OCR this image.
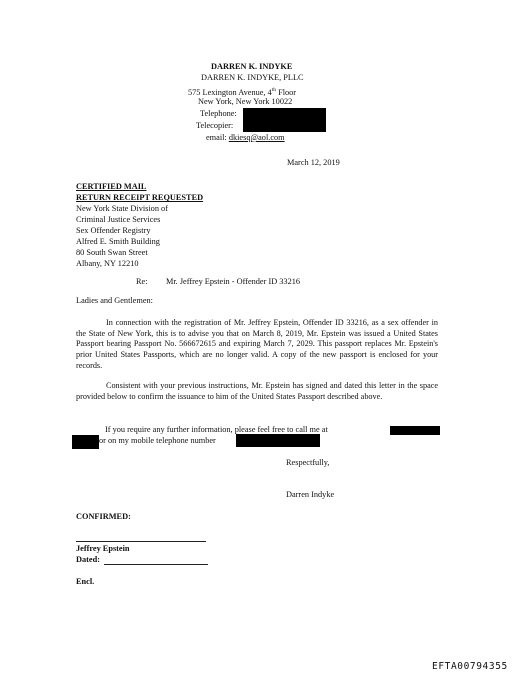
DARREN K. INDYKE
DARREN K. INDYKE, PLLC
575 Lexington Avenue, 4th Floor
New York, New York 10022
Telephone:
Telecopier:
email: dkiesq@aol.com
March 12, 2019
CERTIFIED MAIL
RETURN RECEIPT REQUESTED
New York State Division of
Criminal Justice Services
Sex Offender Registry
Alfred E. Smith Building
80 South Swan Street
Albany, NY 12210
Re: Mr. Jeffrey Epstein - Offender ID 33216
Ladies and Gentlemen:
In connection with the registration of Mr. Jeffrey Epstein, Offender ID 33216, as a sex offender in the State of New York, this is to advise you that on March 8, 2019, Mr. Epstein was issued a United States Passport bearing Passport No. 566672615 and expiring March 7, 2029. This passport replaces Mr. Epstein's prior United States Passports, which are no longer valid. A copy of the new passport is enclosed for your records.
Consistent with your previous instructions, Mr. Epstein has signed and dated this letter in the space provided below to confirm the issuance to him of the United States Passport described above.
If you require any further information, please feel free to call me at
or on my mobile telephone number
Respectfully,
Darren Indyke
CONFIRMED:
Jeffrey Epstein
Dated:
Encl.
EFTA00794355
